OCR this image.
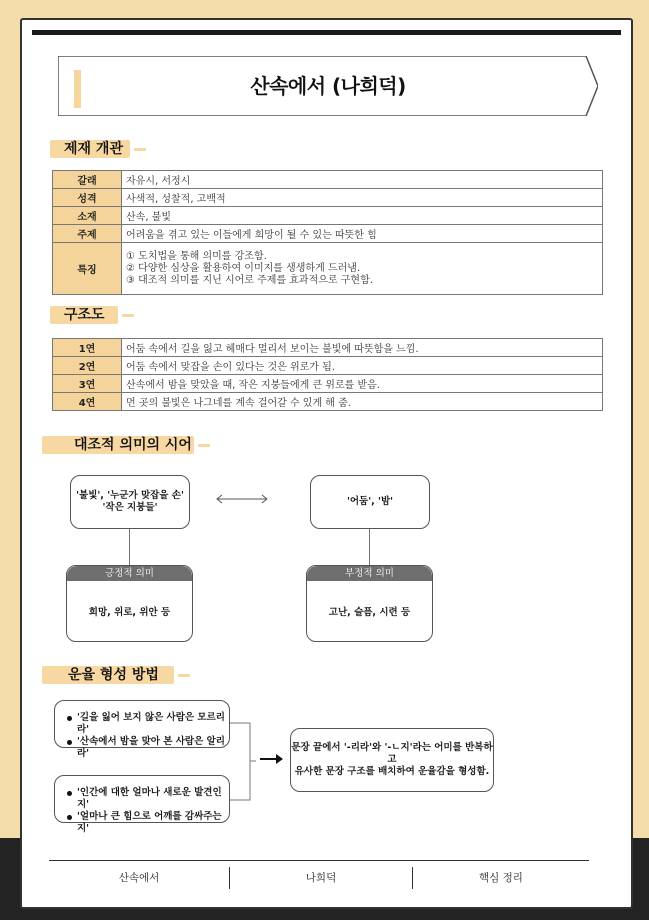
산속에서 (나희덕)
제재 개관
갈래	자유시, 서정시
성격	사색적, 성찰적, 고백적
소재	산속, 불빛
주제	어려움을 겪고 있는 이들에게 희망이 될 수 있는 따뜻한 힘
특징	① 도치법을 통해 의미를 강조함.
② 다양한 심상을 활용하여 이미지를 생생하게 드러냄.
③ 대조적 의미를 지닌 시어로 주제를 효과적으로 구현함.
구조도
1연	어둠 속에서 길을 잃고 헤매다 멀리서 보이는 불빛에 따뜻함을 느낌.
2연	어둠 속에서 맞잡을 손이 있다는 것은 위로가 됨.
3연	산속에서 밤을 맞았을 때, 작은 지붕들에게 큰 위로를 받음.
4연	먼 곳의 불빛은 나그네를 계속 걸어갈 수 있게 해 줌.
대조적 의미의 시어
'불빛', '누군가 맞잡을 손'
'작은 지붕들'
'어둠', '밤'
긍정적 의미
희망, 위로, 위안 등
부정적 의미
고난, 슬픔, 시련 등
운율 형성 방법
'길을 잃어 보지 않은 사람은 모르리라'
'산속에서 밤을 맞아 본 사람은 알리라'
'인간에 대한 얼마나 새로운 발견인지'
'얼마나 큰 힘으로 어깨를 감싸주는지'
문장 끝에서 '-리라'와 '-ㄴ지'라는 어미를 반복하고
유사한 문장 구조를 배치하여 운율감을 형성함.
산속에서	나희덕	핵심 정리
